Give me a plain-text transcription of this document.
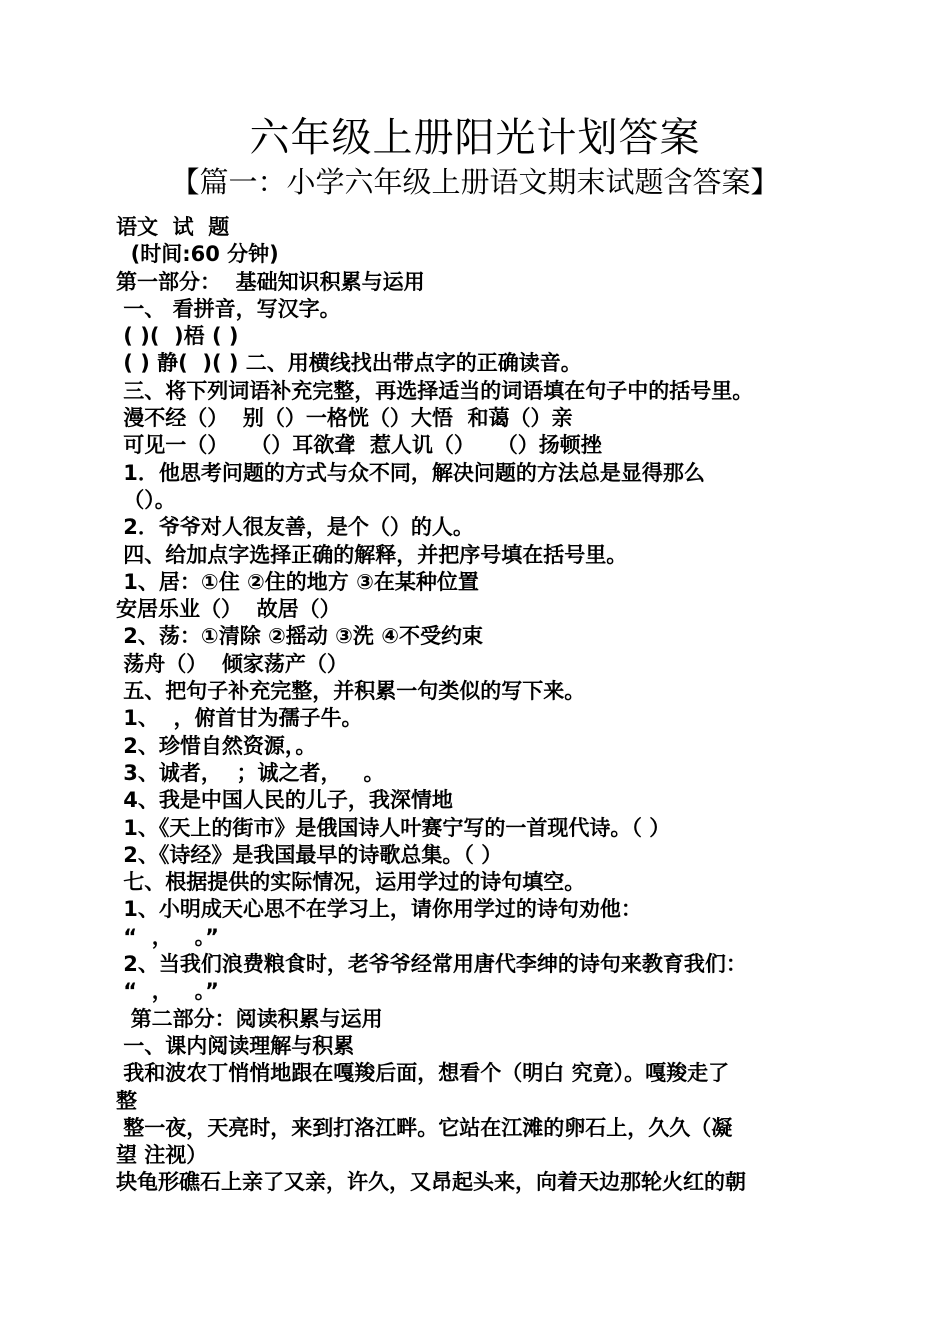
六年级上册阳光计划答案
【篇一：小学六年级上册语文期末试题含答案】
语文  试  题
(时间:60 分钟)
第一部分：  基础知识积累与运用
一、 看拼音，写汉字。
( )(  )梧 ( )
( ) 静(  )( ) 二、用横线找出带点字的正确读音。
三、将下列词语补充完整，再选择适当的词语填在句子中的括号里。
漫不经（）  别（）一格恍（）大悟  和蔼（）亲
可见一（）   （）耳欲聋  惹人讥（）   （）扬顿挫
1．他思考问题的方式与众不同，解决问题的方法总是显得那么
（）。
2．爷爷对人很友善，是个（）的人。
四、给加点字选择正确的解释，并把序号填在括号里。
1、居：①住 ②住的地方 ③在某种位置
安居乐业（）  故居（）
2、荡：①清除 ②摇动 ③洗 ④不受约束
荡舟（）  倾家荡产（）
五、把句子补充完整，并积累一句类似的写下来。
1、  ，俯首甘为孺子牛。
2、珍惜自然资源，。
3、诚者，  ；诚之者，   。
4、我是中国人民的儿子，我深情地
1、《天上的街市》是俄国诗人叶赛宁写的一首现代诗。（ ）
2、《诗经》是我国最早的诗歌总集。（ ）
七、根据提供的实际情况，运用学过的诗句填空。
1、小明成天心思不在学习上，请你用学过的诗句劝他：
“  ，   。”
2、当我们浪费粮食时，老爷爷经常用唐代李绅的诗句来教育我们：
“  ，   。”
第二部分：阅读积累与运用
一、课内阅读理解与积累
我和波农丁悄悄地跟在嘎羧后面，想看个（明白 究竟）。嘎羧走了
整
整一夜，天亮时，来到打洛江畔。它站在江滩的卵石上，久久（凝
望 注视）
块龟形礁石上亲了又亲，许久，又昂起头来，向着天边那轮火红的朝
